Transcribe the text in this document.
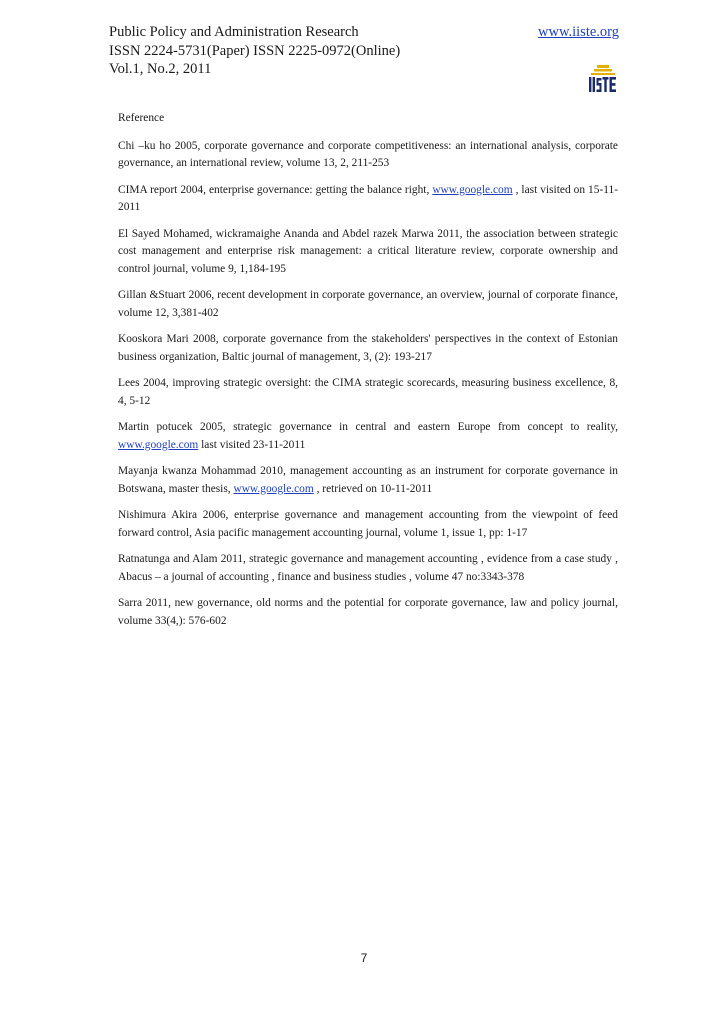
Public Policy and Administration Research
ISSN 2224-5731(Paper) ISSN 2225-0972(Online)
Vol.1, No.2, 2011
www.iiste.org

Reference

Chi –ku ho 2005, corporate governance and corporate competitiveness: an international analysis, corporate governance, an international review, volume 13, 2, 211-253

CIMA report 2004, enterprise governance: getting the balance right, www.google.com , last visited on 15-11-2011

El Sayed Mohamed, wickramaighe Ananda and Abdel razek Marwa 2011, the association between strategic cost management and enterprise risk management: a critical literature review, corporate ownership and control journal, volume 9, 1,184-195

Gillan &Stuart 2006, recent development in corporate governance, an overview, journal of corporate finance, volume 12, 3,381-402

Kooskora Mari 2008, corporate governance from the stakeholders' perspectives in the context of Estonian business organization, Baltic journal of management, 3, (2): 193-217

Lees 2004, improving strategic oversight: the CIMA strategic scorecards, measuring business excellence, 8, 4, 5-12

Martin potucek 2005, strategic governance in central and eastern Europe from concept to reality, www.google.com last visited 23-11-2011

Mayanja kwanza Mohammad 2010, management accounting as an instrument for corporate governance in Botswana, master thesis, www.google.com , retrieved on 10-11-2011

Nishimura Akira 2006, enterprise governance and management accounting from the viewpoint of feed forward control, Asia pacific management accounting journal, volume 1, issue 1, pp: 1-17

Ratnatunga and Alam 2011, strategic governance and management accounting , evidence from a case study , Abacus – a journal of accounting , finance and business studies , volume 47 no:3343-378

Sarra 2011, new governance, old norms and the potential for corporate governance, law and policy journal, volume 33(4,): 576-602

7
